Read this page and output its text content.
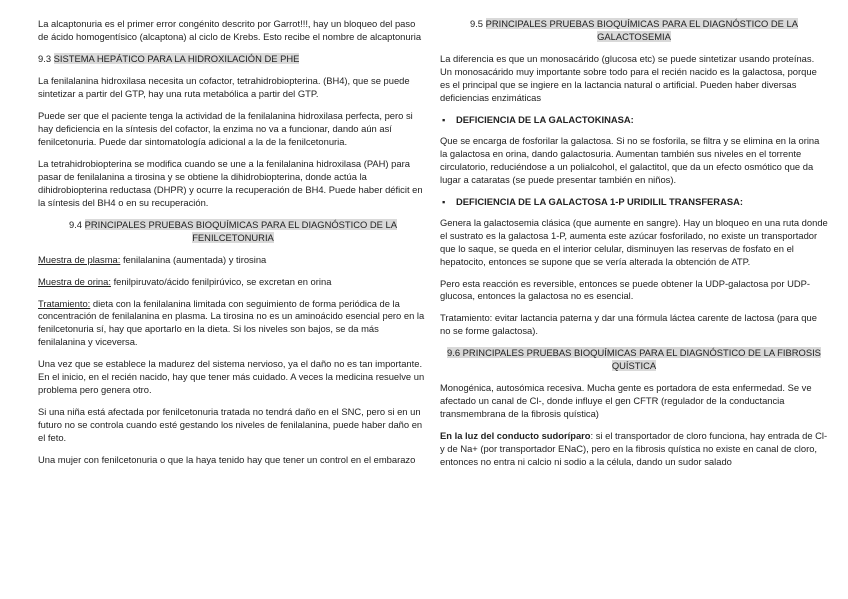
La alcaptonuria es el primer error congénito descrito por Garrot!!!, hay un bloqueo del paso de ácido homogentísico (alcaptona) al ciclo de Krebs. Esto recibe el nombre de alcaptonuria

9.3 SISTEMA HEPÁTICO PARA LA HIDROXILACIÓN DE PHE

La fenilalanina hidroxilasa necesita un cofactor, tetrahidrobiopterina. (BH4), que se puede sintetizar a partir del GTP, hay una ruta metabólica a partir del GTP.

Puede ser que el paciente tenga la actividad de la fenilalanina hidroxilasa perfecta, pero si hay deficiencia en la síntesis del cofactor, la enzima no va a funcionar, dando aún así fenilcetonuria. Puede dar sintomatología adicional a la de la fenilcetonuria.

La tetrahidrobiopterina se modifica cuando se une a la fenilalanina hidroxilasa (PAH) para pasar de fenilalanina a tirosina y se obtiene la dihidrobiopterina, donde actúa la dihidrobiopterina reductasa (DHPR) y ocurre la recuperación de BH4. Puede haber déficit en la síntesis del BH4 o en su recuperación.

9.4 PRINCIPALES PRUEBAS BIOQUÍMICAS PARA EL DIAGNÓSTICO DE LA FENILCETONURIA

Muestra de plasma: fenilalanina (aumentada) y tirosina

Muestra de orina: fenilpiruvato/ácido fenilpirúvico, se excretan en orina

Tratamiento: dieta con la fenilalanina limitada con seguimiento de forma periódica de la concentración de fenilalanina en plasma. La tirosina no es un aminoácido esencial pero en la fenilcetonuria sí, hay que aportarlo en la dieta. Si los niveles son bajos, se da más fenilalanina y viceversa.

Una vez que se establece la madurez del sistema nervioso, ya el daño no es tan importante. En el inicio, en el recién nacido, hay que tener más cuidado. A veces la medicina resuelve un problema pero genera otro.

Si una niña está afectada por fenilcetonuria tratada no tendrá daño en el SNC, pero si en un futuro no se controla cuando esté gestando los niveles de fenilalanina, puede haber daño en el feto.

Una mujer con fenilcetonuria o que la haya tenido hay que tener un control en el embarazo

9.5 PRINCIPALES PRUEBAS BIOQUÍMICAS PARA EL DIAGNÓSTICO DE LA GALACTOSEMIA

La diferencia es que un monosacárido (glucosa etc) se puede sintetizar usando proteínas. Un monosacárido muy importante sobre todo para el recién nacido es la galactosa, porque es el principal que se ingiere en la lactancia natural o artificial. Pueden haber diversas deficiencias enzimáticas

▪ DEFICIENCIA DE LA GALACTOKINASA:

Que se encarga de fosforilar la galactosa. Si no se fosforila, se filtra y se elimina en la orina la galactosa en orina, dando galactosuria. Aumentan también sus niveles en el torrente circulatorio, reduciéndose a un polialcohol, el galactitol, que da un efecto osmótico que da lugar a cataratas (se puede presentar también en niños).

▪ DEFICIENCIA DE LA GALACTOSA 1-P URIDILIL TRANSFERASA:

Genera la galactosemia clásica (que aumente en sangre). Hay un bloqueo en una ruta donde el sustrato es la galactosa 1-P, aumenta este azúcar fosforilado, no existe un transportador que lo saque, se queda en el interior celular, disminuyen las reservas de fosfato en el hepatocito, entonces se supone que se vería alterada la obtención de ATP.

Pero esta reacción es reversible, entonces se puede obtener la UDP-galactosa por UDP-glucosa, entonces la galactosa no es esencial.

Tratamiento: evitar lactancia paterna y dar una fórmula láctea carente de lactosa (para que no se forme galactosa).

9.6 PRINCIPALES PRUEBAS BIOQUÍMICAS PARA EL DIAGNÓSTICO DE LA FIBROSIS QUÍSTICA

Monogénica, autosómica recesiva. Mucha gente es portadora de esta enfermedad. Se ve afectado un canal de Cl-, donde influye el gen CFTR (regulador de la conductancia transmembrana de la fibrosis quística)

En la luz del conducto sudoríparo: si el transportador de cloro funciona, hay entrada de Cl- y de Na+ (por transportador ENaC), pero en la fibrosis quística no existe en canal de cloro, entonces no entra ni calcio ni sodio a la célula, dando un sudor salado
